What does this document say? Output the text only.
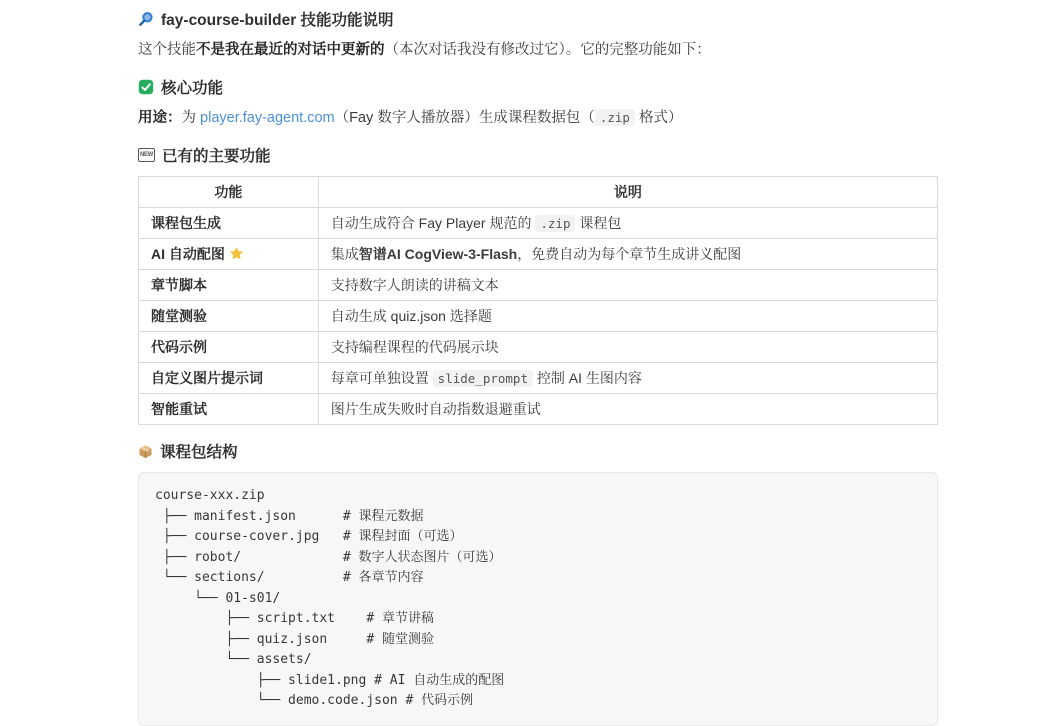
fay-course-builder 技能功能说明

这个技能不是我在最近的对话中更新的（本次对话我没有修改过它）。它的完整功能如下：

核心功能

用途：为 player.fay-agent.com（Fay 数字人播放器）生成课程数据包（ .zip 格式）

NEW 已有的主要功能
功能	说明
课程包生成	自动生成符合 Fay Player 规范的 .zip 课程包
AI 自动配图	集成智谱AI CogView-3-Flash，免费自动为每个章节生成讲义配图
章节脚本	支持数字人朗读的讲稿文本
随堂测验	自动生成 quiz.json 选择题
代码示例	支持编程课程的代码展示块
自定义图片提示词	每章可单独设置 slide_prompt 控制 AI 生图内容
智能重试	图片生成失败时自动指数退避重试
课程包结构
course-xxx.zip
├── manifest.json      # 课程元数据
├── course-cover.jpg   # 课程封面（可选）
├── robot/             # 数字人状态图片（可选）
└── sections/          # 各章节内容
└── 01-s01/
├── script.txt    # 章节讲稿
├── quiz.json     # 随堂测验
└── assets/
├── slide1.png # AI 自动生成的配图
└── demo.code.json # 代码示例
